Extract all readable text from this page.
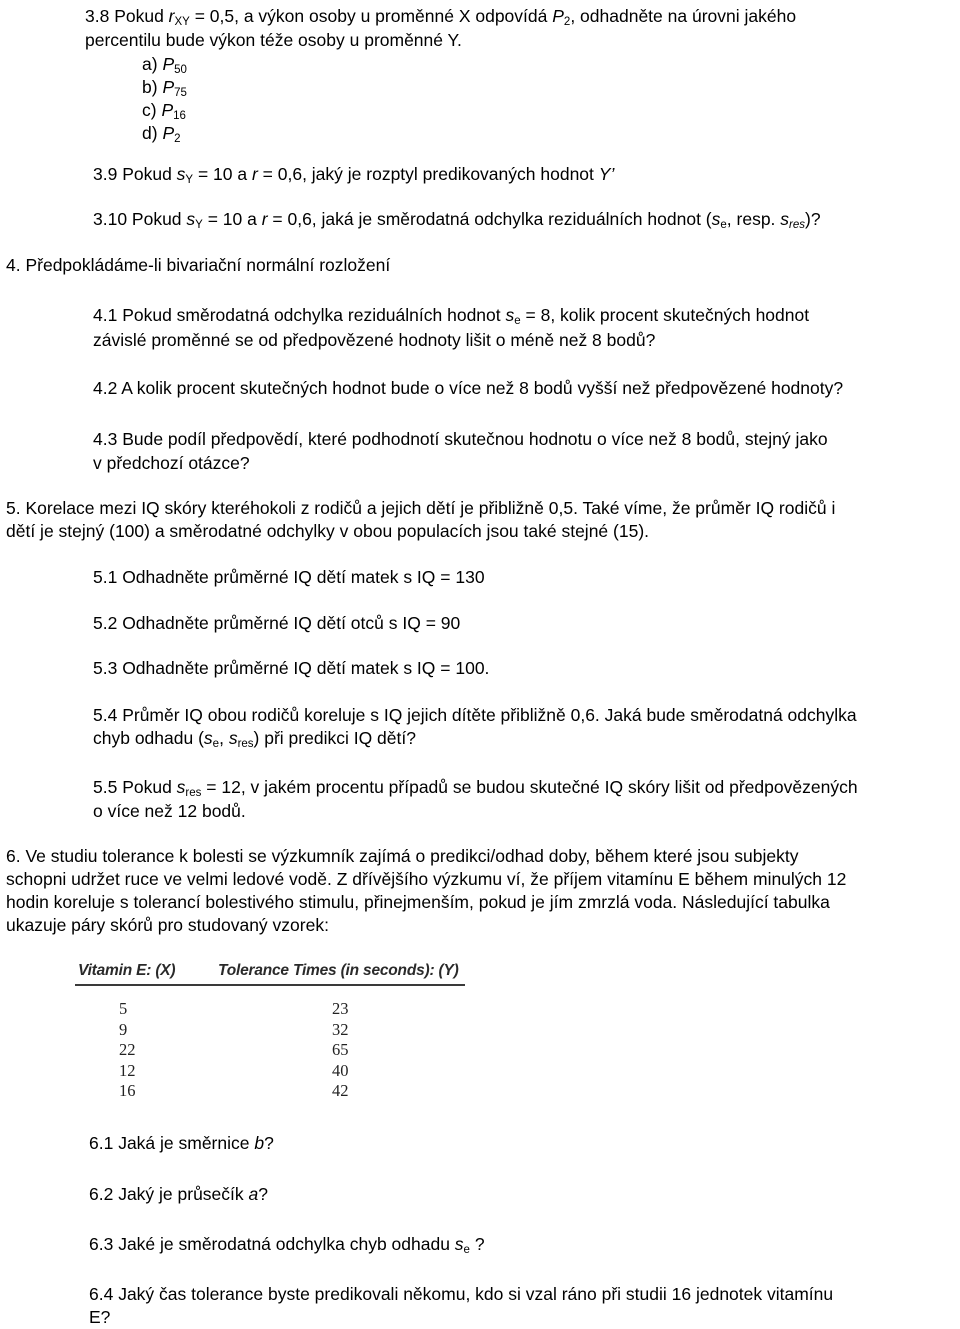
3.8 Pokud $r_{XY} = 0,5$, a výkon osoby u proměnné X odpovídá $P_2$, odhadněte na úrovni jakého

percentilu bude výkon téže osoby u proměnné Y.

a) $P_{50}$

b) $P_{75}$

c) $P_{16}$

d) $P_2$

3.9 Pokud $s_Y = 10$ a r = 0,6, jaký je rozptyl predikovaných hodnot Y’

3.10 Pokud $s_Y = 10$ a r = 0,6, jaká je směrodatná odchylka reziduálních hodnot ($s_e$, resp. $s_{res}$)?

4. Předpokládáme-li bivariační normální rozložení

4.1 Pokud směrodatná odchylka reziduálních hodnot $s_e = 8$, kolik procent skutečných hodnot

závislé proměnné se od předpovězené hodnoty lišit o méně než 8 bodů?

4.2 A kolik procent skutečných hodnot bude o více než 8 bodů vyšší než předpovězené hodnoty?

4.3 Bude podíl předpovědí, které podhodnotí skutečnou hodnotu o více než 8 bodů, stejný jako

v předchozí otázce?

5. Korelace mezi IQ skóry kteréhokoli z rodičů a jejich dětí je přibližně 0,5. Také víme, že průměr IQ rodičů i

dětí je stejný (100) a směrodatné odchylky v obou populacích jsou také stejné (15).

5.1 Odhadněte průměrné IQ dětí matek s IQ = 130

5.2 Odhadněte průměrné IQ dětí otců s IQ = 90

5.3 Odhadněte průměrné IQ dětí matek s IQ = 100.

5.4 Průměr IQ obou rodičů koreluje s IQ jejich dítěte přibližně 0,6. Jaká bude směrodatná odchylka

chyb odhadu ($s_e$, $s_{res}$) při predikci IQ dětí?

5.5 Pokud $s_{res} = 12$, v jakém procentu případů se budou skutečné IQ skóry lišit od předpovězených

o více než 12 bodů.

6. Ve studiu tolerance k bolesti se výzkumník zajímá o predikci/odhad doby, během které jsou subjekty

schopni udržet ruce ve velmi ledové vodě. Z dřívějšího výzkumu ví, že příjem vitamínu E během minulých 12

hodin koreluje s tolerancí bolestivého stimulu, přinejmenším, pokud je jím zmrzlá voda. Následující tabulka

ukazuje páry skórů pro studovaný vzorek:

Vitamin E: (X)	Tolerance Times (in seconds): (Y)
5
9
22
12
16
23
32
65
40
42

6.1 Jaká je směrnice b?

6.2 Jaký je průsečík a?

6.3 Jaké je směrodatná odchylka chyb odhadu $s_e$ ?

6.4 Jaký čas tolerance byste predikovali někomu, kdo si vzal ráno při studii 16 jednotek vitamínu

E?
